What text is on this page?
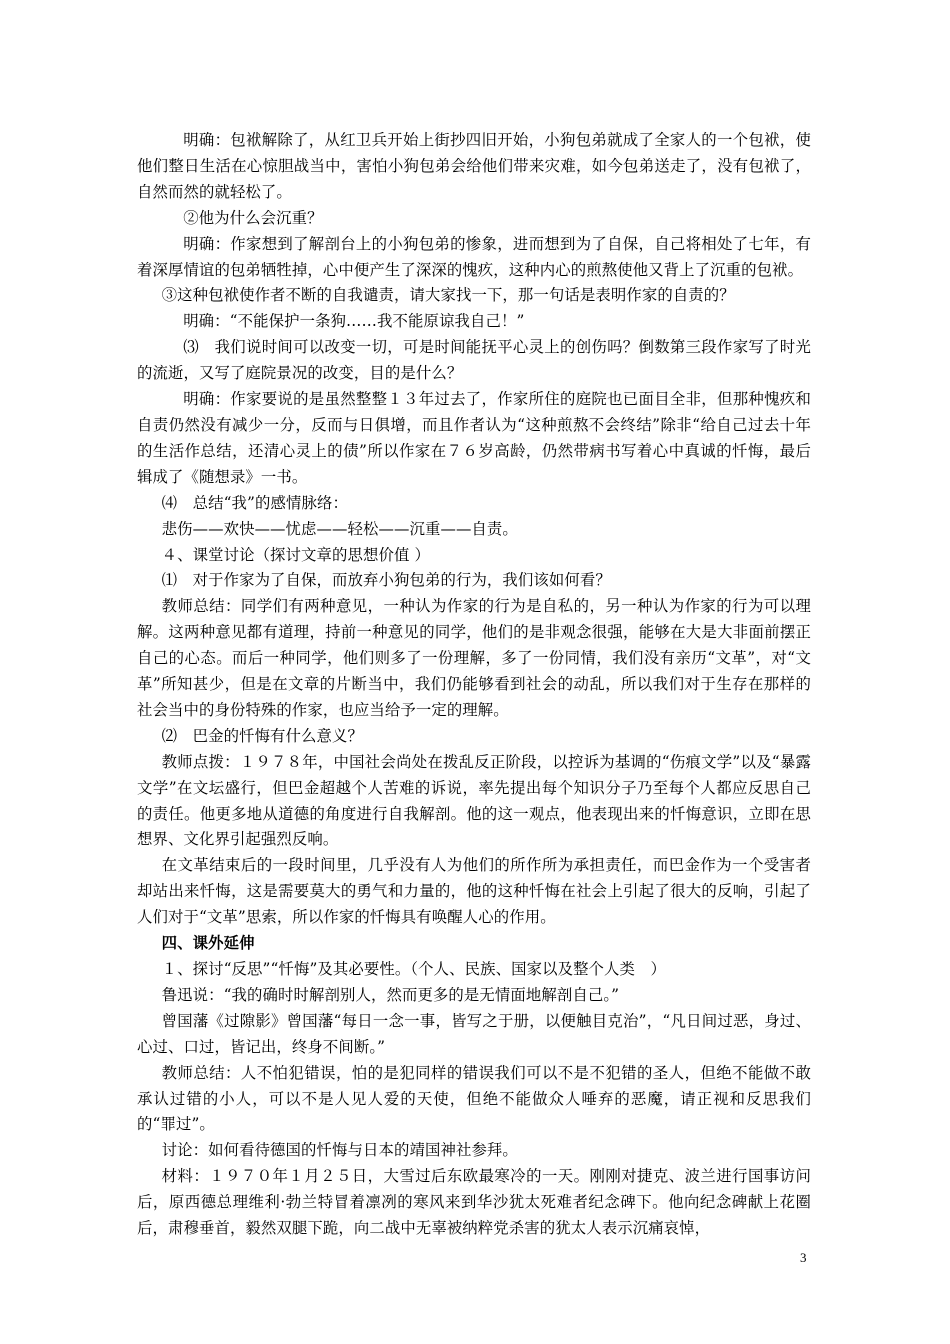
明确：包袱解除了，从红卫兵开始上街抄四旧开始，小狗包弟就成了全家人的一个包袱，使他们整日生活在心惊胆战当中，害怕小狗包弟会给他们带来灾难，如今包弟送走了，没有包袱了，自然而然的就轻松了。

②他为什么会沉重？

明确：作家想到了解剖台上的小狗包弟的惨象，进而想到为了自保，自己将相处了七年，有着深厚情谊的包弟牺牲掉，心中便产生了深深的愧疚，这种内心的煎熬使他又背上了沉重的包袱。

③这种包袱使作者不断的自我谴责，请大家找一下，那一句话是表明作家的自责的？

明确：“不能保护一条狗……我不能原谅我自己！”

⑶　我们说时间可以改变一切，可是时间能抚平心灵上的创伤吗？倒数第三段作家写了时光的流逝，又写了庭院景况的改变，目的是什么？

明确：作家要说的是虽然整整１３年过去了，作家所住的庭院也已面目全非，但那种愧疚和自责仍然没有减少一分，反而与日俱增，而且作者认为“这种煎熬不会终结”除非“给自己过去十年的生活作总结，还清心灵上的债”所以作家在７６岁高龄，仍然带病书写着心中真诚的忏悔，最后辑成了《随想录》一书。

⑷　总结“我”的感情脉络：

悲伤——欢快——忧虑——轻松——沉重——自责。

４、课堂讨论（探讨文章的思想价值 ）

⑴　对于作家为了自保，而放弃小狗包弟的行为，我们该如何看？

教师总结：同学们有两种意见，一种认为作家的行为是自私的，另一种认为作家的行为可以理解。这两种意见都有道理，持前一种意见的同学，他们的是非观念很强，能够在大是大非面前摆正自己的心态。而后一种同学，他们则多了一份理解，多了一份同情，我们没有亲历“文革”，对“文革”所知甚少，但是在文章的片断当中，我们仍能够看到社会的动乱，所以我们对于生存在那样的社会当中的身份特殊的作家，也应当给予一定的理解。

⑵　巴金的忏悔有什么意义？

教师点拨：１９７８年，中国社会尚处在拨乱反正阶段，以控诉为基调的“伤痕文学”以及“暴露文学”在文坛盛行，但巴金超越个人苦难的诉说，率先提出每个知识分子乃至每个人都应反思自己的责任。他更多地从道德的角度进行自我解剖。他的这一观点，他表现出来的忏悔意识，立即在思想界、文化界引起强烈反响。

在文革结束后的一段时间里，几乎没有人为他们的所作所为承担责任，而巴金作为一个受害者却站出来忏悔，这是需要莫大的勇气和力量的，他的这种忏悔在社会上引起了很大的反响，引起了人们对于“文革”思索，所以作家的忏悔具有唤醒人心的作用。

四、课外延伸

１、探讨“反思”“忏悔”及其必要性。（个人、民族、国家以及整个人类　）

鲁迅说：“我的确时时解剖别人，然而更多的是无情面地解剖自己。”

曾国藩《过隙影》曾国藩“每日一念一事，皆写之于册，以便触目克治”，“凡日间过恶，身过、心过、口过，皆记出，终身不间断。”

教师总结：人不怕犯错误，怕的是犯同样的错误我们可以不是不犯错的圣人，但绝不能做不敢承认过错的小人，可以不是人见人爱的天使，但绝不能做众人唾弃的恶魔，请正视和反思我们的“罪过”。

讨论：如何看待德国的忏悔与日本的靖国神社参拜。

材料：１９７０年１月２５日，大雪过后东欧最寒冷的一天。刚刚对捷克、波兰进行国事访问后，原西德总理维利·勃兰特冒着凛冽的寒风来到华沙犹太死难者纪念碑下。他向纪念碑献上花圈后，肃穆垂首，毅然双腿下跪，向二战中无辜被纳粹党杀害的犹太人表示沉痛哀悼，

3
